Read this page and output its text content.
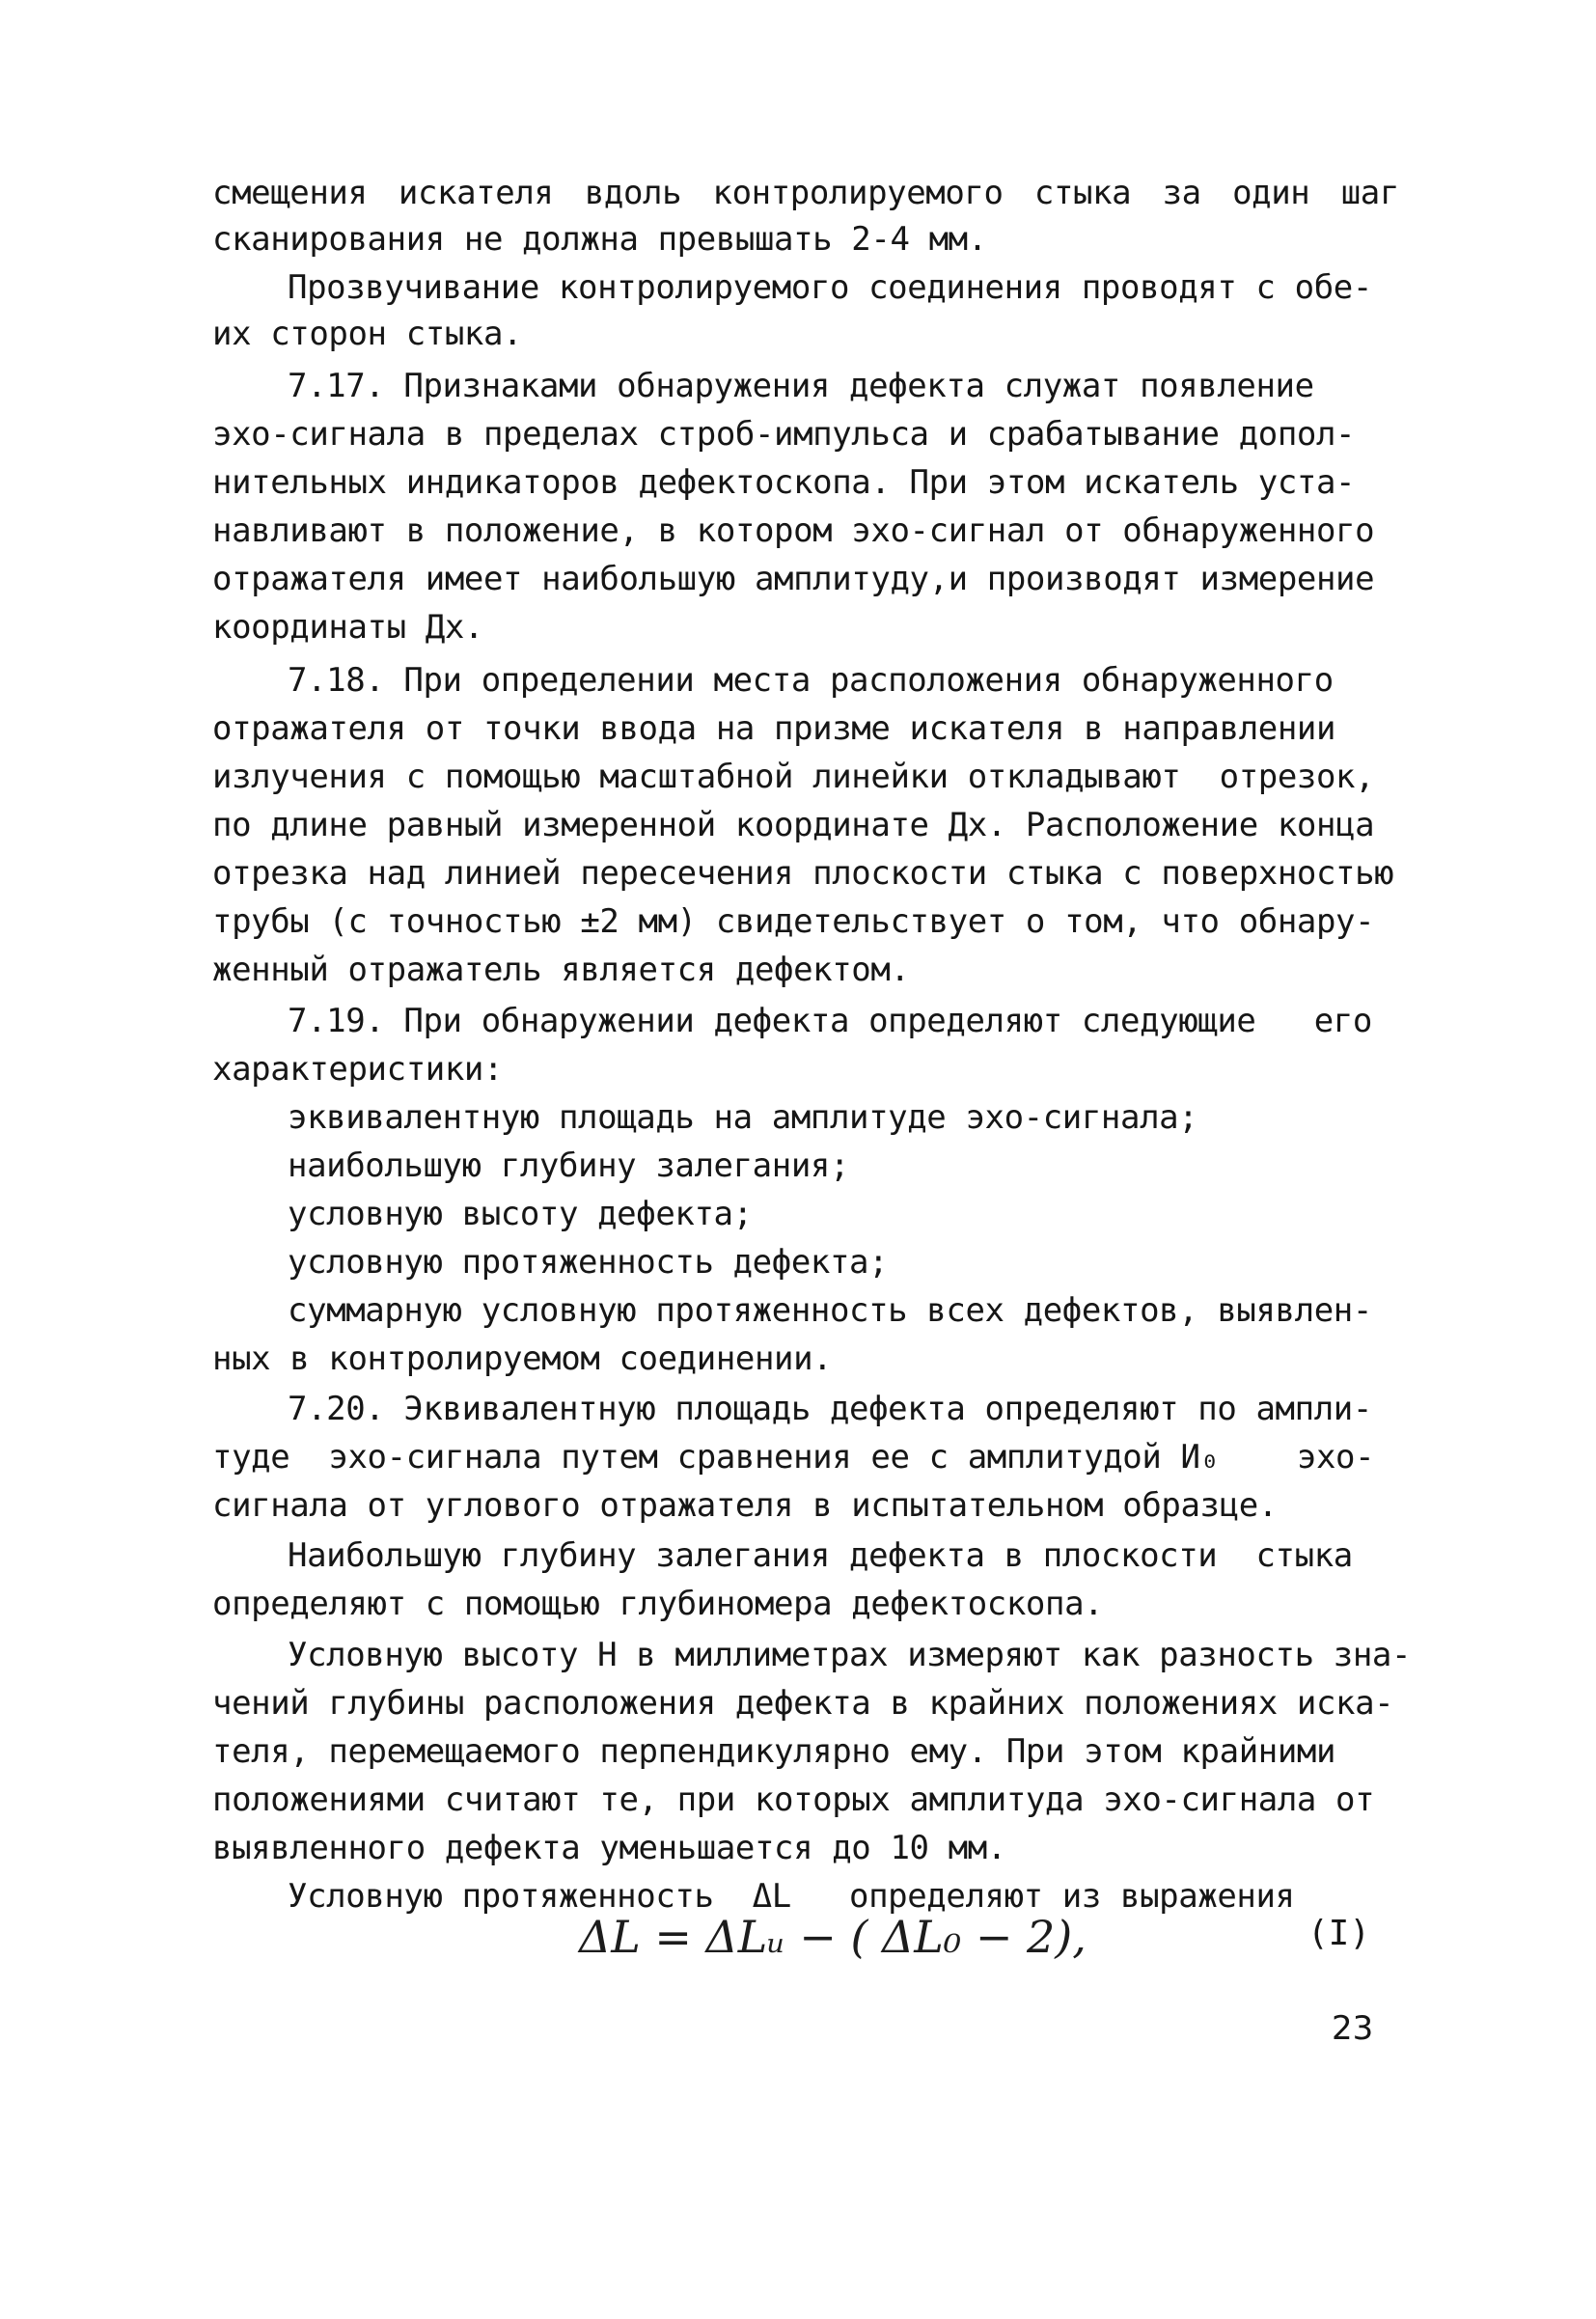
смещения искателя вдоль контролируемого стыка за один шаг
сканирования не должна превышать 2-4 мм.
Прозвучивание контролируемого соединения проводят с обе-
их сторон стыка.
7.17. Признаками обнаружения дефекта служат появление
эхо-сигнала в пределах строб-импульса и срабатывание допол-
нительных индикаторов дефектоскопа. При этом искатель уста-
навливают в положение, в котором эхо-сигнал от обнаруженного
отражателя имеет наибольшую амплитуду,и производят измерение
координаты Дх.
7.18. При определении места расположения обнаруженного
отражателя от точки ввода на призме искателя в направлении
излучения с помощью масштабной линейки откладывают  отрезок,
по длине равный измеренной координате Дх. Расположение конца
отрезка над линией пересечения плоскости стыка с поверхностью
трубы (с точностью ±2 мм) свидетельствует о том, что обнару-
женный отражатель является дефектом.
7.19. При обнаружении дефекта определяют следующие   его
характеристики:
эквивалентную площадь на амплитуде эхо-сигнала;
наибольшую глубину залегания;
условную высоту дефекта;
условную протяженность дефекта;
суммарную условную протяженность всех дефектов, выявлен-
ных в контролируемом соединении.
7.20. Эквивалентную площадь дефекта определяют по ампли-
туде  эхо-сигнала путем сравнения ее с амплитудой И₀    эхо-
сигнала от углового отражателя в испытательном образце.
Наибольшую глубину залегания дефекта в плоскости  стыка
определяют с помощью глубиномера дефектоскопа.
Условную высоту Н в миллиметрах измеряют как разность зна-
чений глубины расположения дефекта в крайних положениях иска-
теля, перемещаемого перпендикулярно ему. При этом крайними
положениями считают те, при которых амплитуда эхо-сигнала от
выявленного дефекта уменьшается до 10 мм.
Условную протяженность  ΔL   определяют из выражения
ΔL = ΔLᵤ − ( ΔL₀ − 2),	(I)
23
